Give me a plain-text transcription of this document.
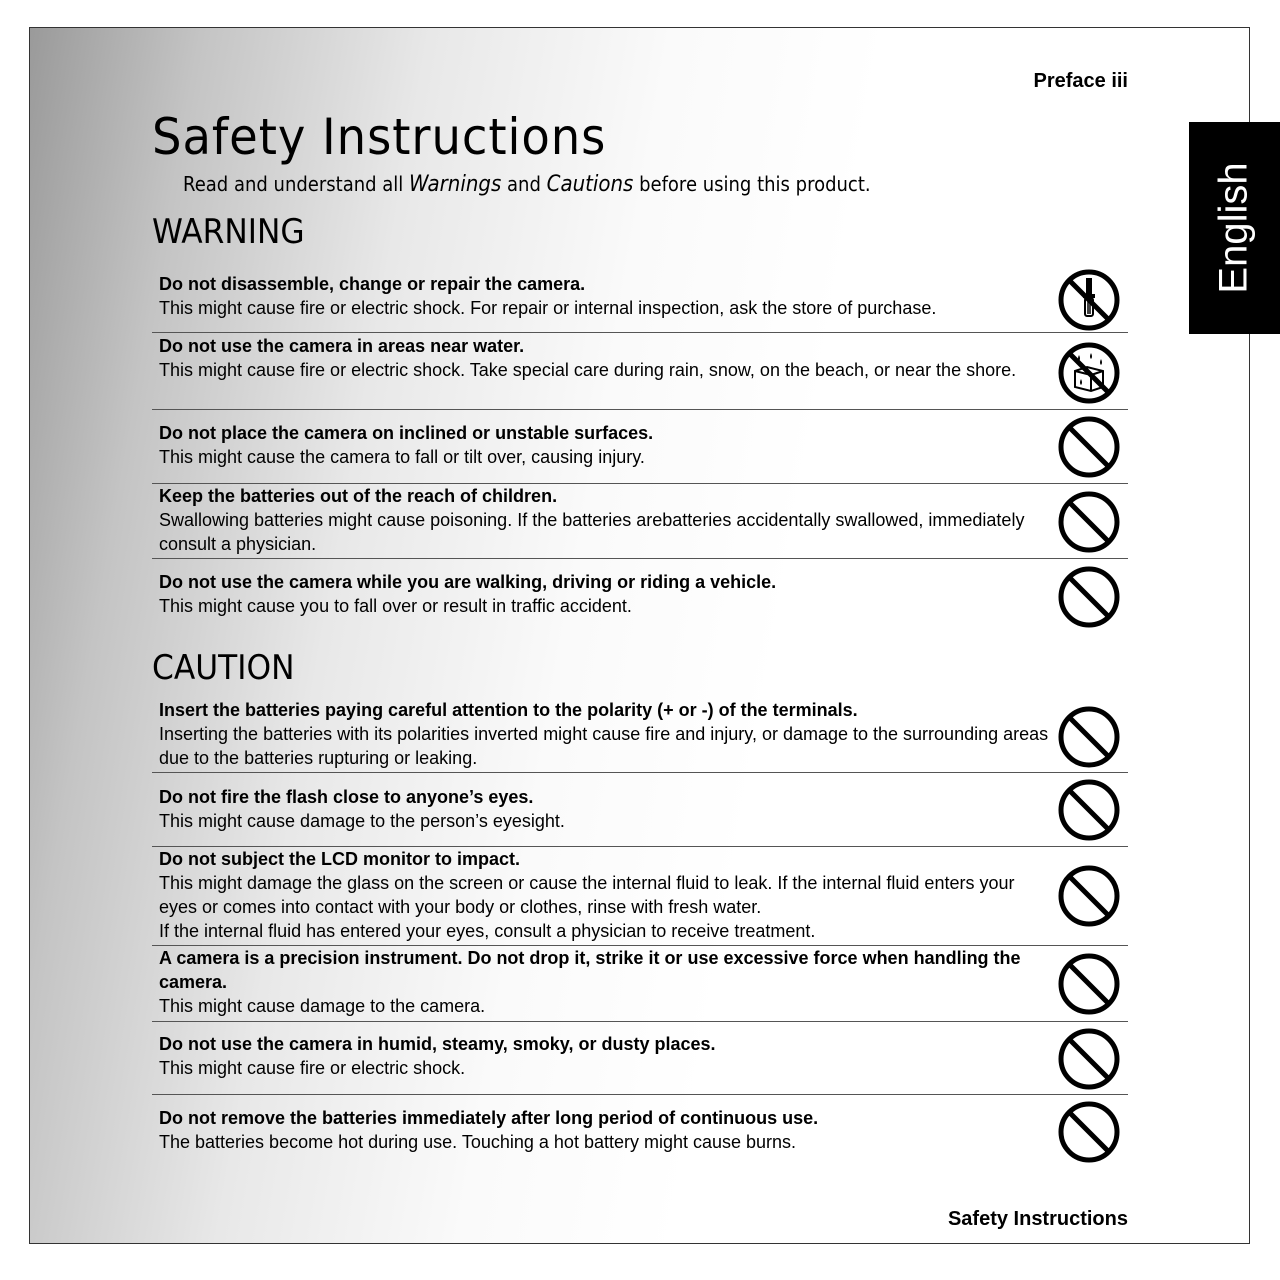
Preface iii
Safety Instructions
Read and understand all Warnings and Cautions before using this product.	English
WARNING
CAUTION
Do not disassemble, change or repair the camera.
This might cause fire or electric shock. For repair or internal inspection, ask the store of purchase.
Do not use the camera in areas near water.
This might cause fire or electric shock. Take special care during rain, snow, on the beach, or near the shore.
Do not place the camera on inclined or unstable surfaces.
This might cause the camera to fall or tilt over, causing injury.
Keep the batteries out of the reach of children.
Swallowing batteries might cause poisoning. If the batteries arebatteries accidentally swallowed, immediately consult a physician.
Do not use the camera while you are walking, driving or riding a vehicle.
This might cause you to fall over or result in traffic accident.
Insert the batteries paying careful attention to the polarity (+ or -) of the terminals.
Inserting the batteries with its polarities inverted might cause fire and injury, or damage to the surrounding areas due to the batteries rupturing or leaking.
Do not fire the flash close to anyone’s eyes.
This might cause damage to the person’s eyesight.
Do not subject the LCD monitor to impact.
This might damage the glass on the screen or cause the internal fluid to leak. If the internal fluid enters your eyes or comes into contact with your body or clothes, rinse with fresh water.
If the internal fluid has entered your eyes, consult a physician to receive treatment.
A camera is a precision instrument. Do not drop it, strike it or use excessive force when handling the camera.
This might cause damage to the camera.
Do not use the camera in humid, steamy, smoky, or dusty places.
This might cause fire or electric shock.
Do not remove the batteries immediately after long period of continuous use.
The batteries become hot during use. Touching a hot battery might cause burns.
Safety Instructions
